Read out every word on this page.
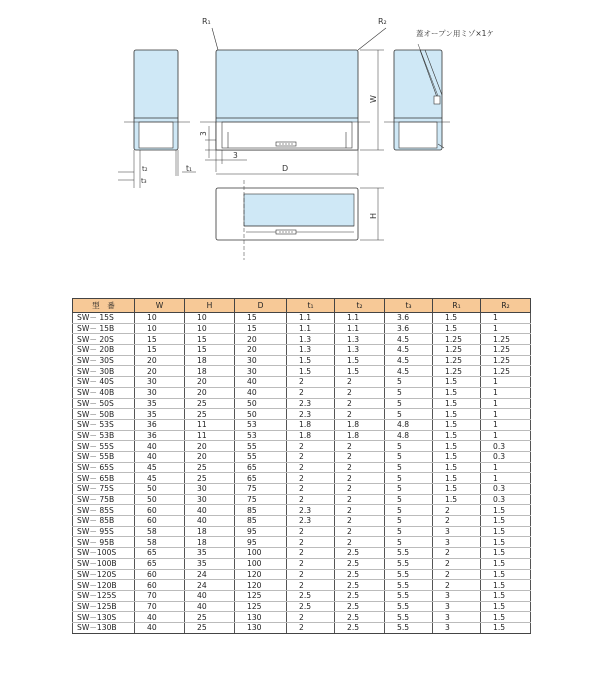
R₁	R₂
蓋オープン用ミゾ×1ケ
W
H
D
t₁
t₂
t₃
3
3
型　番	W	H	D	t₁	t₂	t₃	R₁	R₂
SW－ 15S	10	10	15	1.1	1.1	3.6	1.5	1
SW－ 15B	10	10	15	1.1	1.1	3.6	1.5	1
SW－ 20S	15	15	20	1.3	1.3	4.5	1.25	1.25
SW－ 20B	15	15	20	1.3	1.3	4.5	1.25	1.25
SW－ 30S	20	18	30	1.5	1.5	4.5	1.25	1.25
SW－ 30B	20	18	30	1.5	1.5	4.5	1.25	1.25
SW－ 40S	30	20	40	2	2	5	1.5	1
SW－ 40B	30	20	40	2	2	5	1.5	1
SW－ 50S	35	25	50	2.3	2	5	1.5	1
SW－ 50B	35	25	50	2.3	2	5	1.5	1
SW－ 53S	36	11	53	1.8	1.8	4.8	1.5	1
SW－ 53B	36	11	53	1.8	1.8	4.8	1.5	1
SW－ 55S	40	20	55	2	2	5	1.5	0.3
SW－ 55B	40	20	55	2	2	5	1.5	0.3
SW－ 65S	45	25	65	2	2	5	1.5	1
SW－ 65B	45	25	65	2	2	5	1.5	1
SW－ 75S	50	30	75	2	2	5	1.5	0.3
SW－ 75B	50	30	75	2	2	5	1.5	0.3
SW－ 85S	60	40	85	2.3	2	5	2	1.5
SW－ 85B	60	40	85	2.3	2	5	2	1.5
SW－ 95S	58	18	95	2	2	5	3	1.5
SW－ 95B	58	18	95	2	2	5	3	1.5
SW－100S	65	35	100	2	2.5	5.5	2	1.5
SW－100B	65	35	100	2	2.5	5.5	2	1.5
SW－120S	60	24	120	2	2.5	5.5	2	1.5
SW－120B	60	24	120	2	2.5	5.5	2	1.5
SW－125S	70	40	125	2.5	2.5	5.5	3	1.5
SW－125B	70	40	125	2.5	2.5	5.5	3	1.5
SW－130S	40	25	130	2	2.5	5.5	3	1.5
SW－130B	40	25	130	2	2.5	5.5	3	1.5
